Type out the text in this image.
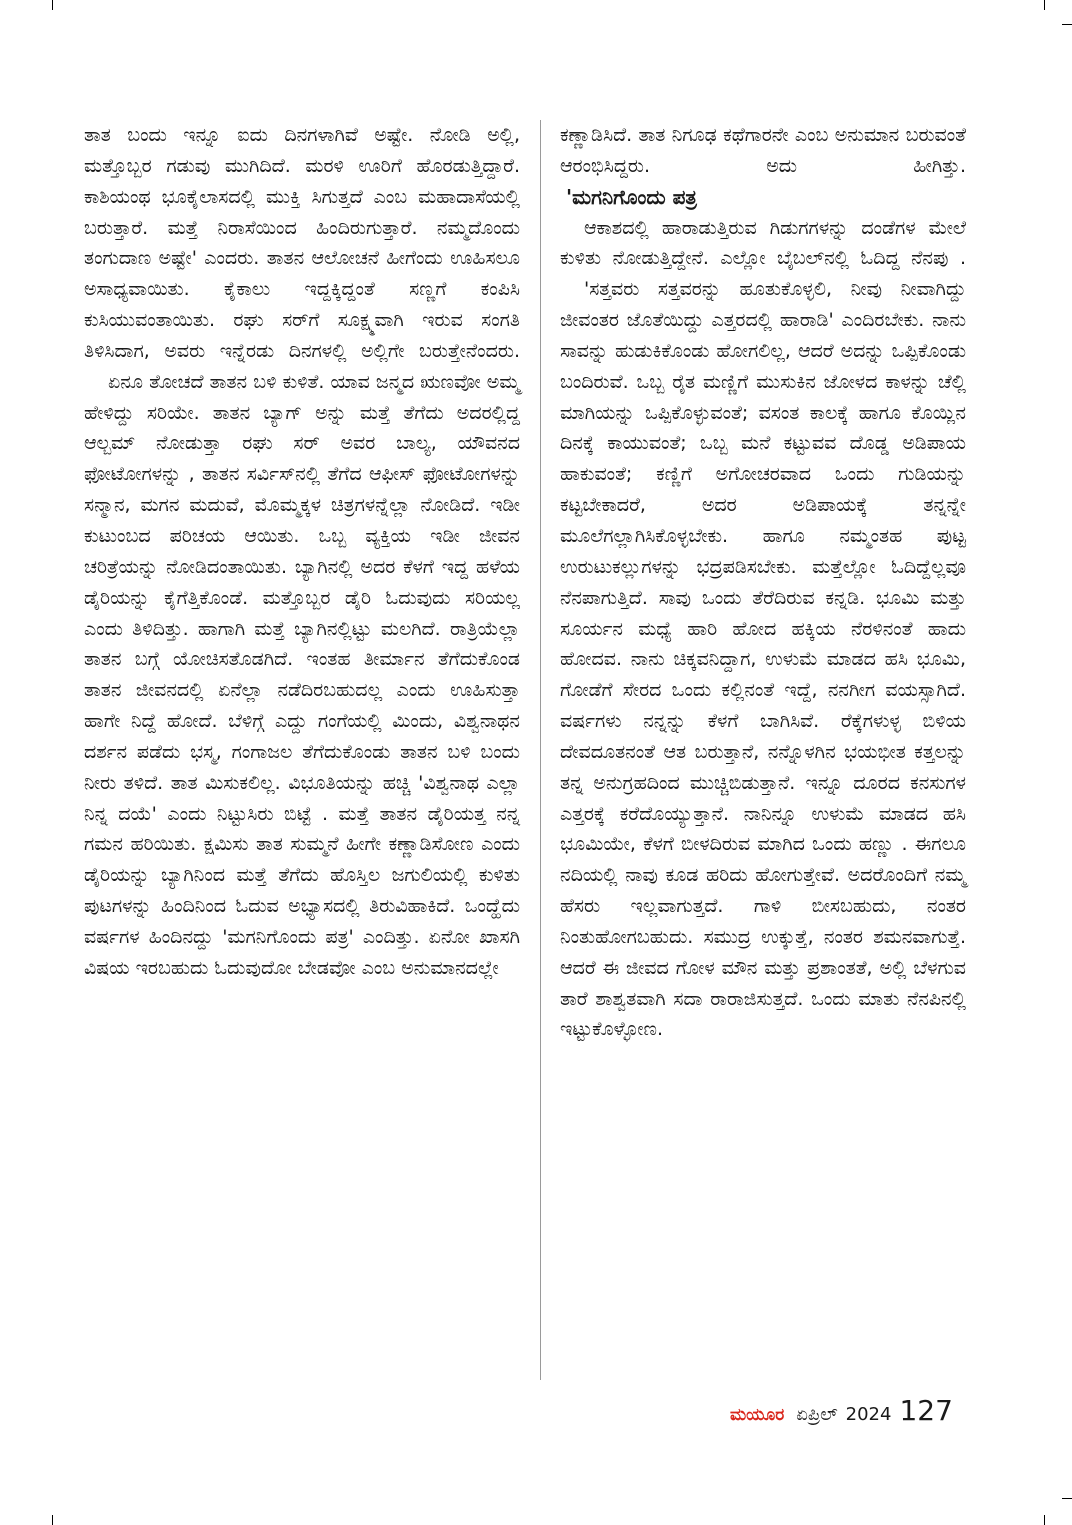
ತಾತ ಬಂದು ಇನ್ನೂ ಐದು ದಿನಗಳಾಗಿವೆ ಅಷ್ಟೇ. ನೋಡಿ ಅಲ್ಲಿ, ಮತ್ತೊಬ್ಬರ ಗಡುವು ಮುಗಿದಿದೆ. ಮರಳಿ ಊರಿಗೆ ಹೊರಡುತ್ತಿದ್ದಾರೆ. ಕಾಶಿಯಂಥ ಭೂಕೈಲಾಸದಲ್ಲಿ ಮುಕ್ತಿ ಸಿಗುತ್ತದೆ ಎಂಬ ಮಹಾದಾಸೆಯಲ್ಲಿ ಬರುತ್ತಾರೆ. ಮತ್ತೆ ನಿರಾಸೆಯಿಂದ ಹಿಂದಿರುಗುತ್ತಾರೆ. ನಮ್ಮದೊಂದು ತಂಗುದಾಣ ಅಷ್ಟೇ' ಎಂದರು. ತಾತನ ಆಲೋಚನೆ ಹೀಗೆಂದು ಊಹಿಸಲೂ ಅಸಾಧ್ಯವಾಯಿತು. ಕೈಕಾಲು ಇದ್ದಕ್ಕಿದ್ದಂತೆ ಸಣ್ಣಗೆ ಕಂಪಿಸಿ ಕುಸಿಯುವಂತಾಯಿತು. ರಘು ಸರ್‌ಗೆ ಸೂಕ್ಷ್ಮವಾಗಿ ಇರುವ ಸಂಗತಿ ತಿಳಿಸಿದಾಗ, ಅವರು ಇನ್ನೆರಡು ದಿನಗಳಲ್ಲಿ ಅಲ್ಲಿಗೇ ಬರುತ್ತೇನೆಂದರು.

ಏನೂ ತೋಚದೆ ತಾತನ ಬಳಿ ಕುಳಿತೆ. ಯಾವ ಜನ್ಮದ ಋಣವೋ ಅಮ್ಮ ಹೇಳಿದ್ದು ಸರಿಯೇ. ತಾತನ ಬ್ಯಾಗ್ ಅನ್ನು ಮತ್ತೆ ತೆಗೆದು ಅದರಲ್ಲಿದ್ದ ಆಲ್ಬಮ್ ನೋಡುತ್ತಾ ರಘು ಸರ್ ಅವರ ಬಾಲ್ಯ, ಯೌವನದ ಫೋಟೋಗಳನ್ನು , ತಾತನ ಸರ್ವಿಸ್‌ನಲ್ಲಿ ತೆಗೆದ ಆಫೀಸ್ ಫೋಟೋಗಳನ್ನು ಸನ್ಮಾನ, ಮಗನ ಮದುವೆ, ಮೊಮ್ಮಕ್ಕಳ ಚಿತ್ರಗಳನ್ನೆಲ್ಲಾ ನೋಡಿದೆ. ಇಡೀ ಕುಟುಂಬದ ಪರಿಚಯ ಆಯಿತು. ಒಬ್ಬ ವ್ಯಕ್ತಿಯ ಇಡೀ ಜೀವನ ಚರಿತ್ರೆಯನ್ನು ನೋಡಿದಂತಾಯಿತು. ಬ್ಯಾಗಿನಲ್ಲಿ ಅದರ ಕೆಳಗೆ ಇದ್ದ ಹಳೆಯ ಡೈರಿಯನ್ನು ಕೈಗೆತ್ತಿಕೊಂಡೆ. ಮತ್ತೊಬ್ಬರ ಡೈರಿ ಓದುವುದು ಸರಿಯಲ್ಲ ಎಂದು ತಿಳಿದಿತ್ತು. ಹಾಗಾಗಿ ಮತ್ತೆ ಬ್ಯಾಗಿನಲ್ಲಿಟ್ಟು ಮಲಗಿದೆ. ರಾತ್ರಿಯೆಲ್ಲಾ ತಾತನ ಬಗ್ಗೆ ಯೋಚಿಸತೊಡಗಿದೆ. ಇಂತಹ ತೀರ್ಮಾನ ತೆಗೆದುಕೊಂಡ ತಾತನ ಜೀವನದಲ್ಲಿ ಏನೆಲ್ಲಾ ನಡೆದಿರಬಹುದಲ್ಲ ಎಂದು ಊಹಿಸುತ್ತಾ ಹಾಗೇ ನಿದ್ದೆ ಹೋದೆ. ಬೆಳಿಗ್ಗೆ ಎದ್ದು ಗಂಗೆಯಲ್ಲಿ ಮಿಂದು, ವಿಶ್ವನಾಥನ ದರ್ಶನ ಪಡೆದು ಭಸ್ಮ, ಗಂಗಾಜಲ ತೆಗೆದುಕೊಂಡು ತಾತನ ಬಳಿ ಬಂದು ನೀರು ತಳಿದೆ. ತಾತ ಮಿಸುಕಲಿಲ್ಲ. ವಿಭೂತಿಯನ್ನು ಹಚ್ಚಿ 'ವಿಶ್ವನಾಥ ಎಲ್ಲಾ ನಿನ್ನ ದಯೆ' ಎಂದು ನಿಟ್ಟುಸಿರು ಬಿಟ್ಟೆ . ಮತ್ತೆ ತಾತನ ಡೈರಿಯತ್ತ ನನ್ನ ಗಮನ ಹರಿಯಿತು. ಕ್ಷಮಿಸು ತಾತ ಸುಮ್ಮನೆ ಹೀಗೇ ಕಣ್ಣಾಡಿಸೋಣ ಎಂದು ಡೈರಿಯನ್ನು ಬ್ಯಾಗಿನಿಂದ ಮತ್ತೆ ತೆಗೆದು ಹೊಸ್ತಿಲ ಜಗುಲಿಯಲ್ಲಿ ಕುಳಿತು ಪುಟಗಳನ್ನು ಹಿಂದಿನಿಂದ ಓದುವ ಅಭ್ಯಾಸದಲ್ಲಿ ತಿರುವಿಹಾಕಿದೆ. ಒಂದ್ಹೆದು ವರ್ಷಗಳ ಹಿಂದಿನದ್ದು 'ಮಗನಿಗೊಂದು ಪತ್ರ' ಎಂದಿತ್ತು. ಏನೋ ಖಾಸಗಿ ವಿಷಯ ಇರಬಹುದು ಓದುವುದೋ ಬೇಡವೋ ಎಂಬ ಅನುಮಾನದಲ್ಲೇ

ಕಣ್ಣಾಡಿಸಿದೆ. ತಾತ ನಿಗೂಢ ಕಥೆಗಾರನೇ ಎಂಬ ಅನುಮಾನ ಬರುವಂತೆ ಆರಂಭಿಸಿದ್ದರು. ಅದು ಹೀಗಿತ್ತು.

'ಮಗನಿಗೊಂದು ಪತ್ರ

ಆಕಾಶದಲ್ಲಿ ಹಾರಾಡುತ್ತಿರುವ ಗಿಡುಗಗಳನ್ನು ದಂಡೆಗಳ ಮೇಲೆ ಕುಳಿತು ನೋಡುತ್ತಿದ್ದೇನೆ. ಎಲ್ಲೋ ಬೈಬಲ್‌ನಲ್ಲಿ ಓದಿದ್ದ ನೆನಪು .

'ಸತ್ತವರು ಸತ್ತವರನ್ನು ಹೂತುಕೊಳ್ಳಲಿ, ನೀವು ನೀವಾಗಿದ್ದು ಜೀವಂತರ ಜೊತೆಯಿದ್ದು ಎತ್ತರದಲ್ಲಿ ಹಾರಾಡಿ' ಎಂದಿರಬೇಕು. ನಾನು ಸಾವನ್ನು ಹುಡುಕಿಕೊಂಡು ಹೋಗಲಿಲ್ಲ, ಆದರೆ ಅದನ್ನು ಒಪ್ಪಿಕೊಂಡು ಬಂದಿರುವೆ. ಒಬ್ಬ ರೈತ ಮಣ್ಣಿಗೆ ಮುಸುಕಿನ ಜೋಳದ ಕಾಳನ್ನು ಚೆಲ್ಲಿ ಮಾಗಿಯನ್ನು ಒಪ್ಪಿಕೊಳ್ಳುವಂತೆ; ವಸಂತ ಕಾಲಕ್ಕೆ ಹಾಗೂ ಕೊಯ್ಲಿನ ದಿನಕ್ಕೆ ಕಾಯುವಂತೆ; ಒಬ್ಬ ಮನೆ ಕಟ್ಟುವವ ದೊಡ್ಡ ಅಡಿಪಾಯ ಹಾಕುವಂತೆ; ಕಣ್ಣಿಗೆ ಅಗೋಚರವಾದ ಒಂದು ಗುಡಿಯನ್ನು ಕಟ್ಟಬೇಕಾದರೆ, ಅದರ ಅಡಿಪಾಯಕ್ಕೆ ತನ್ನನ್ನೇ ಮೂಲೆಗಲ್ಲಾಗಿಸಿಕೊಳ್ಳಬೇಕು. ಹಾಗೂ ನಮ್ಮಂತಹ ಪುಟ್ಟ ಉರುಟುಕಲ್ಲುಗಳನ್ನು ಭದ್ರಪಡಿಸಬೇಕು. ಮತ್ತೆಲ್ಲೋ ಓದಿದ್ದೆಲ್ಲವೂ ನೆನಪಾಗುತ್ತಿದೆ. ಸಾವು ಒಂದು ತೆರೆದಿರುವ ಕನ್ನಡಿ. ಭೂಮಿ ಮತ್ತು ಸೂರ್ಯನ ಮಧ್ಯೆ ಹಾರಿ ಹೋದ ಹಕ್ಕಿಯ ನೆರಳಿನಂತೆ ಹಾದು ಹೋದವ. ನಾನು ಚಿಕ್ಕವನಿದ್ದಾಗ, ಉಳುಮೆ ಮಾಡದ ಹಸಿ ಭೂಮಿ, ಗೋಡೆಗೆ ಸೇರದ ಒಂದು ಕಲ್ಲಿನಂತೆ ಇದ್ದೆ, ನನಗೀಗ ವಯಸ್ಸಾಗಿದೆ. ವರ್ಷಗಳು ನನ್ನನ್ನು ಕೆಳಗೆ ಬಾಗಿಸಿವೆ. ರೆಕ್ಕೆಗಳುಳ್ಳ ಬಿಳಿಯ ದೇವದೂತನಂತೆ ಆತ ಬರುತ್ತಾನೆ, ನನ್ನೊಳಗಿನ ಭಯಭೀತ ಕತ್ತಲನ್ನು ತನ್ನ ಅನುಗ್ರಹದಿಂದ ಮುಚ್ಚಿಬಿಡುತ್ತಾನೆ. ಇನ್ನೂ ದೂರದ ಕನಸುಗಳ ಎತ್ತರಕ್ಕೆ ಕರೆದೊಯ್ಯುತ್ತಾನೆ. ನಾನಿನ್ನೂ ಉಳುಮೆ ಮಾಡದ ಹಸಿ ಭೂಮಿಯೇ, ಕೆಳಗೆ ಬೀಳದಿರುವ ಮಾಗಿದ ಒಂದು ಹಣ್ಣು . ಈಗಲೂ ನದಿಯಲ್ಲಿ ನಾವು ಕೂಡ ಹರಿದು ಹೋಗುತ್ತೇವೆ. ಅದರೊಂದಿಗೆ ನಮ್ಮ ಹೆಸರು ಇಲ್ಲವಾಗುತ್ತದೆ. ಗಾಳಿ ಬೀಸಬಹುದು, ನಂತರ ನಿಂತುಹೋಗಬಹುದು. ಸಮುದ್ರ ಉಕ್ಕುತ್ತೆ, ನಂತರ ಶಮನವಾಗುತ್ತೆ. ಆದರೆ ಈ ಜೀವದ ಗೋಳ ಮೌನ ಮತ್ತು ಪ್ರಶಾಂತತೆ, ಅಲ್ಲಿ ಬೆಳಗುವ ತಾರೆ ಶಾಶ್ವತವಾಗಿ ಸದಾ ರಾರಾಜಿಸುತ್ತದೆ. ಒಂದು ಮಾತು ನೆನಪಿನಲ್ಲಿ ಇಟ್ಟುಕೊಳ್ಳೋಣ.

ಮಯೂರ ಏಪ್ರಿಲ್ 2024 127
